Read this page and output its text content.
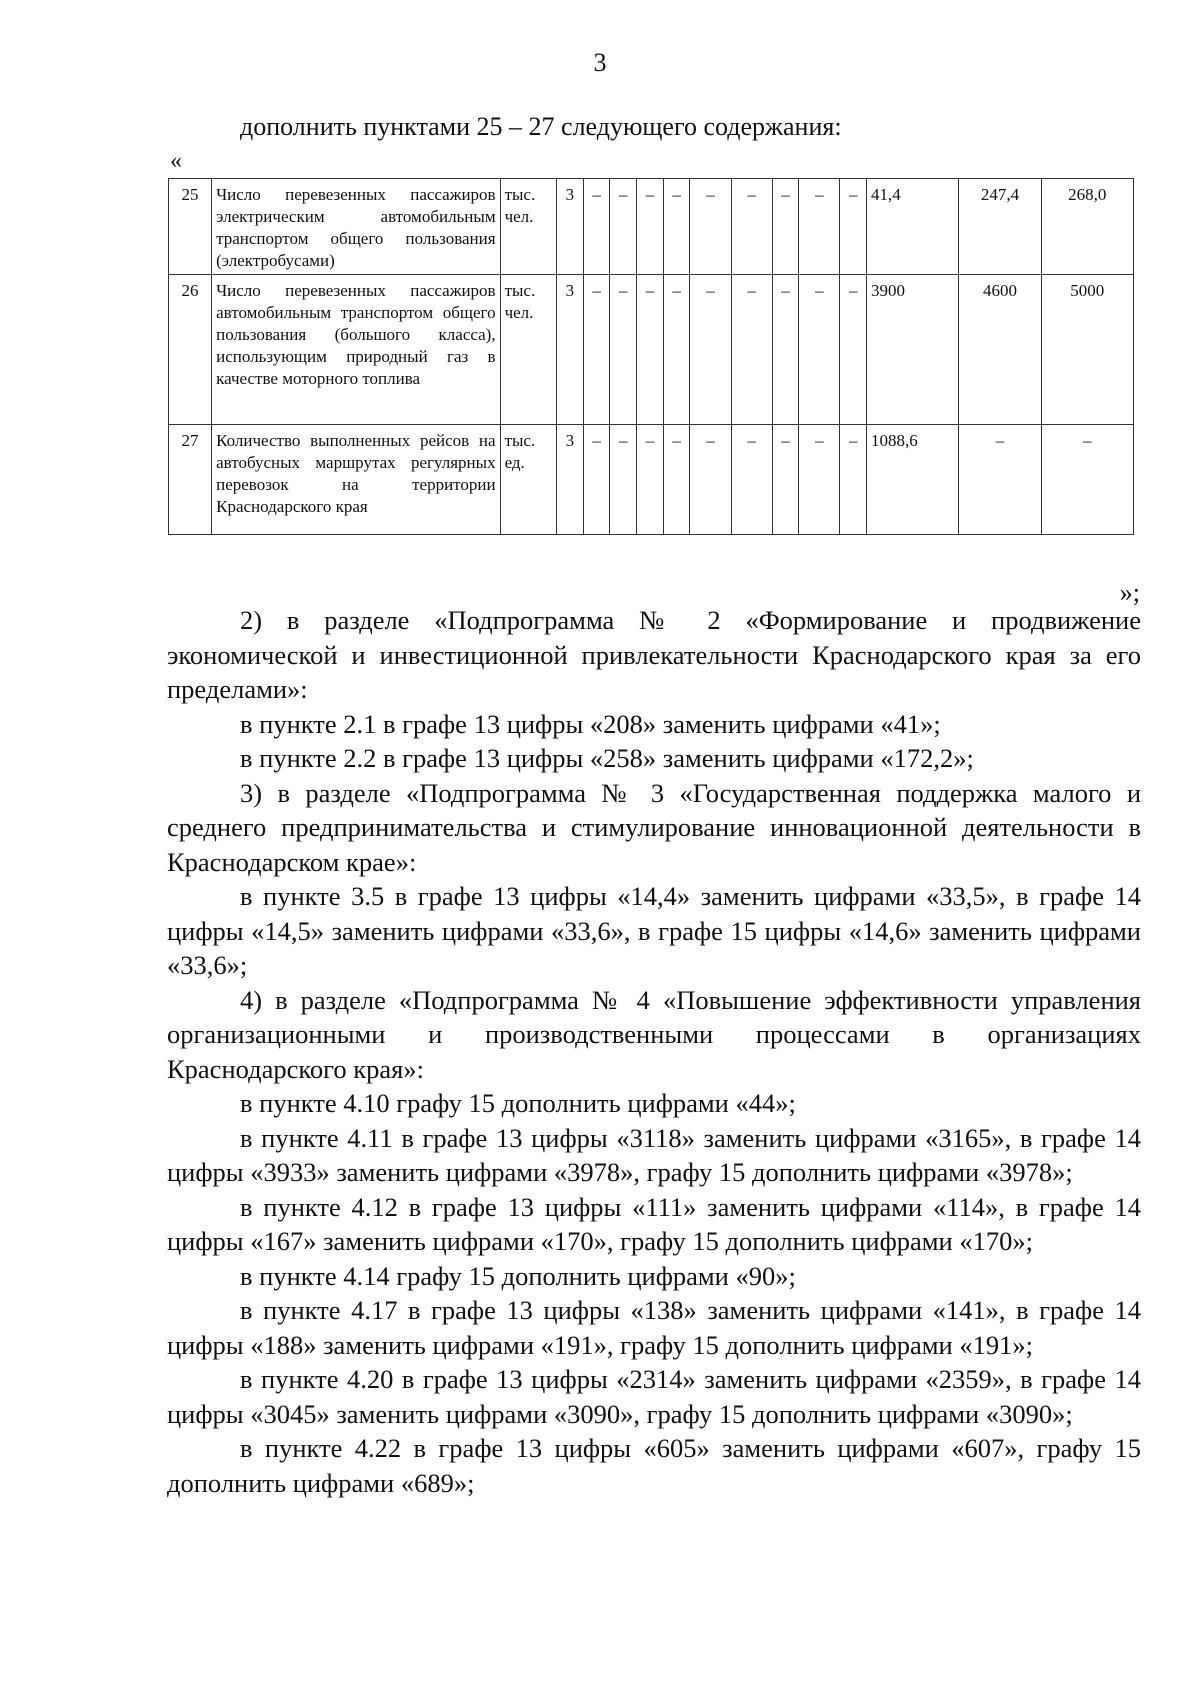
3
дополнить пунктами 25 – 27 следующего содержания:
«
25	Число перевезенных пассажиров электрическим автомобильным транспортом общего пользования (электробусами)	тыс. чел.	3	–	–	–	–	–	–	–	–	–	41,4	247,4	268,0
26	Число перевезенных пассажиров автомобильным транспортом общего пользования (большого класса), использующим природный газ в качестве моторного топлива	тыс. чел.	3	–	–	–	–	–	–	–	–	–	3900	4600	5000
27	Количество выполненных рейсов на автобусных маршрутах регулярных перевозок на территории Краснодарского края	тыс. ед.	3	–	–	–	–	–	–	–	–	–	1088,6	–	–
»;

2) в разделе «Подпрограмма № 2 «Формирование и продвижение экономической и инвестиционной привлекательности Краснодарского края за его пределами»:

в пункте 2.1 в графе 13 цифры «208» заменить цифрами «41»;

в пункте 2.2 в графе 13 цифры «258» заменить цифрами «172,2»;

3) в разделе «Подпрограмма № 3 «Государственная поддержка малого и среднего предпринимательства и стимулирование инновационной деятельности в Краснодарском крае»:

в пункте 3.5 в графе 13 цифры «14,4» заменить цифрами «33,5», в графе 14 цифры «14,5» заменить цифрами «33,6», в графе 15 цифры «14,6» заменить цифрами «33,6»;

4) в разделе «Подпрограмма № 4 «Повышение эффективности управления организационными и производственными процессами в организациях Краснодарского края»:

в пункте 4.10 графу 15 дополнить цифрами «44»;

в пункте 4.11 в графе 13 цифры «3118» заменить цифрами «3165», в графе 14 цифры «3933» заменить цифрами «3978», графу 15 дополнить цифрами «3978»;

в пункте 4.12 в графе 13 цифры «111» заменить цифрами «114», в графе 14 цифры «167» заменить цифрами «170», графу 15 дополнить цифрами «170»;

в пункте 4.14 графу 15 дополнить цифрами «90»;

в пункте 4.17 в графе 13 цифры «138» заменить цифрами «141», в графе 14 цифры «188» заменить цифрами «191», графу 15 дополнить цифрами «191»;

в пункте 4.20 в графе 13 цифры «2314» заменить цифрами «2359», в графе 14 цифры «3045» заменить цифрами «3090», графу 15 дополнить цифрами «3090»;

в пункте 4.22 в графе 13 цифры «605» заменить цифрами «607», графу 15 дополнить цифрами «689»;
